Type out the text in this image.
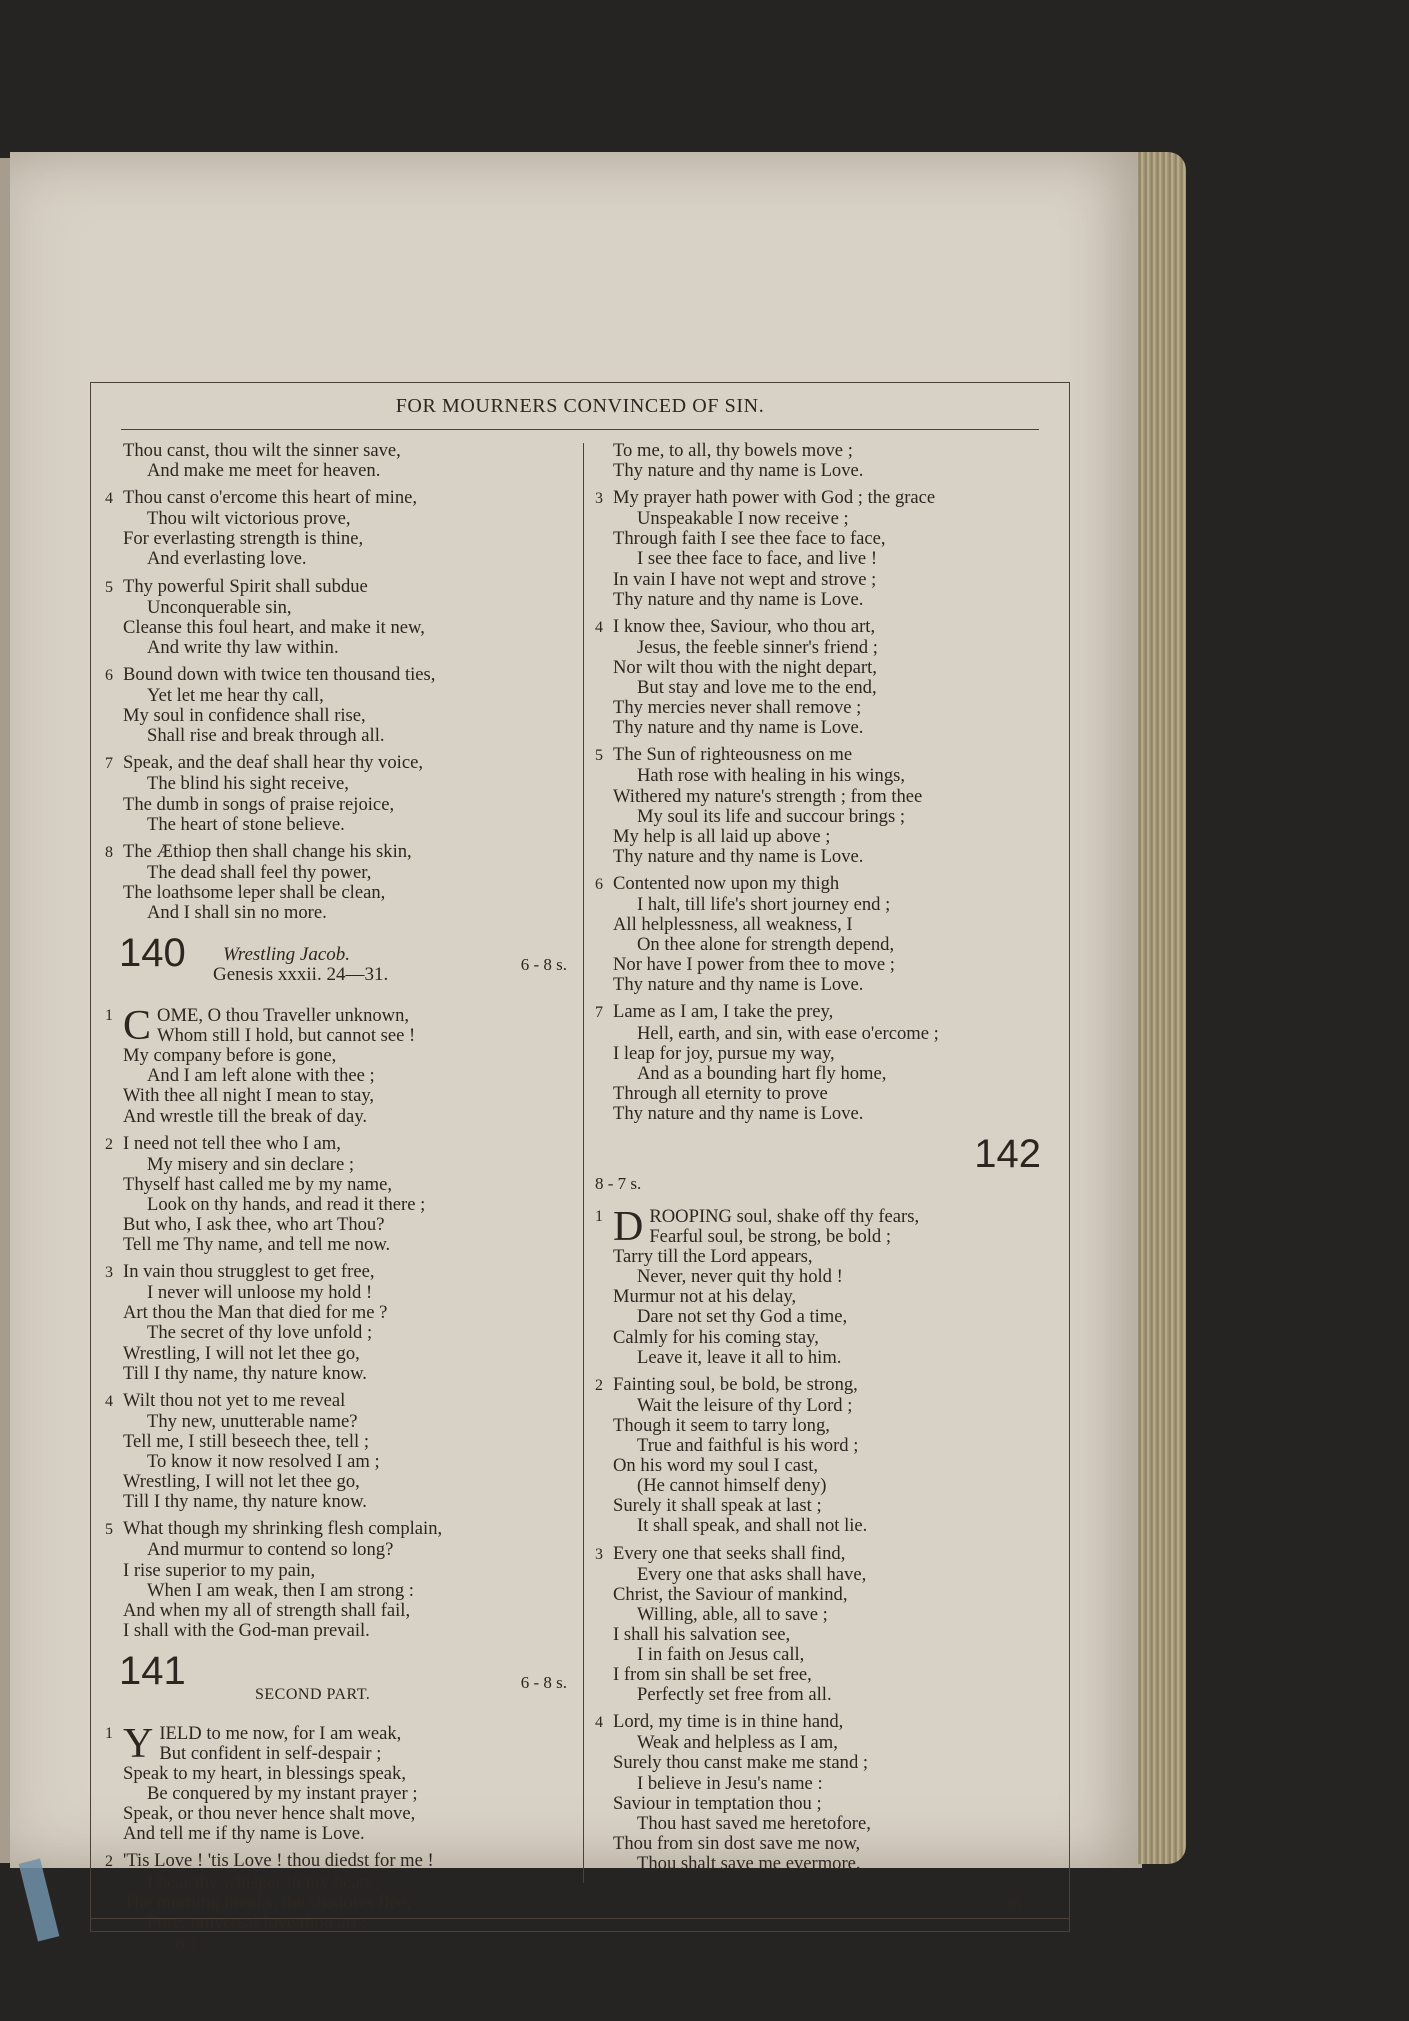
FOR MOURNERS CONVINCED OF SIN.
Thou canst, thou wilt the sinner save,
And make me meet for heaven.
4 Thou canst o'ercome this heart of mine,
Thou wilt victorious prove,
For everlasting strength is thine,
And everlasting love.
5 Thy powerful Spirit shall subdue
Unconquerable sin,
Cleanse this foul heart, and make it new,
And write thy law within.
6 Bound down with twice ten thousand ties,
Yet let me hear thy call,
My soul in confidence shall rise,
Shall rise and break through all.
7 Speak, and the deaf shall hear thy voice,
The blind his sight receive,
The dumb in songs of praise rejoice,
The heart of stone believe.
8 The Æthiop then shall change his skin,
The dead shall feel thy power,
The loathsome leper shall be clean,
And I shall sin no more.
140	6 - 8 s.
Wrestling Jacob.
Genesis xxxii. 24—31.
1 C OME, O thou Traveller unknown,
Whom still I hold, but cannot see !
My company before is gone,
And I am left alone with thee ;
With thee all night I mean to stay,
And wrestle till the break of day.
2 I need not tell thee who I am,
My misery and sin declare ;
Thyself hast called me by my name,
Look on thy hands, and read it there ;
But who, I ask thee, who art Thou?
Tell me Thy name, and tell me now.
3 In vain thou strugglest to get free,
I never will unloose my hold !
Art thou the Man that died for me ?
The secret of thy love unfold ;
Wrestling, I will not let thee go,
Till I thy name, thy nature know.
4 Wilt thou not yet to me reveal
Thy new, unutterable name?
Tell me, I still beseech thee, tell ;
To know it now resolved I am ;
Wrestling, I will not let thee go,
Till I thy name, thy nature know.
5 What though my shrinking flesh complain,
And murmur to contend so long?
I rise superior to my pain,
When I am weak, then I am strong :
And when my all of strength shall fail,
I shall with the God-man prevail.
141	6 - 8 s.
SECOND PART.
1 Y IELD to me now, for I am weak,
But confident in self-despair ;
Speak to my heart, in blessings speak,
Be conquered by my instant prayer ;
Speak, or thou never hence shalt move,
And tell me if thy name is Love.
2 'Tis Love ! 'tis Love ! thou diedst for me !
I hear thy whisper in my heart ;
The morning breaks, the shadows flee,
Pure, universal love thou art ;
B 2
To me, to all, thy bowels move ;
Thy nature and thy name is Love.
3 My prayer hath power with God ; the grace
Unspeakable I now receive ;
Through faith I see thee face to face,
I see thee face to face, and live !
In vain I have not wept and strove ;
Thy nature and thy name is Love.
4 I know thee, Saviour, who thou art,
Jesus, the feeble sinner's friend ;
Nor wilt thou with the night depart,
But stay and love me to the end,
Thy mercies never shall remove ;
Thy nature and thy name is Love.
5 The Sun of righteousness on me
Hath rose with healing in his wings,
Withered my nature's strength ; from thee
My soul its life and succour brings ;
My help is all laid up above ;
Thy nature and thy name is Love.
6 Contented now upon my thigh
I halt, till life's short journey end ;
All helplessness, all weakness, I
On thee alone for strength depend,
Nor have I power from thee to move ;
Thy nature and thy name is Love.
7 Lame as I am, I take the prey,
Hell, earth, and sin, with ease o'ercome ;
I leap for joy, pursue my way,
And as a bounding hart fly home,
Through all eternity to prove
Thy nature and thy name is Love.
142
8 - 7 s.
1 D ROOPING soul, shake off thy fears,
Fearful soul, be strong, be bold ;
Tarry till the Lord appears,
Never, never quit thy hold !
Murmur not at his delay,
Dare not set thy God a time,
Calmly for his coming stay,
Leave it, leave it all to him.
2 Fainting soul, be bold, be strong,
Wait the leisure of thy Lord ;
Though it seem to tarry long,
True and faithful is his word ;
On his word my soul I cast,
(He cannot himself deny)
Surely it shall speak at last ;
It shall speak, and shall not lie.
3 Every one that seeks shall find,
Every one that asks shall have,
Christ, the Saviour of mankind,
Willing, able, all to save ;
I shall his salvation see,
I in faith on Jesus call,
I from sin shall be set free,
Perfectly set free from all.
4 Lord, my time is in thine hand,
Weak and helpless as I am,
Surely thou canst make me stand ;
I believe in Jesu's name :
Saviour in temptation thou ;
Thou hast saved me heretofore,
Thou from sin dost save me now,
Thou shalt save me evermore.
35
